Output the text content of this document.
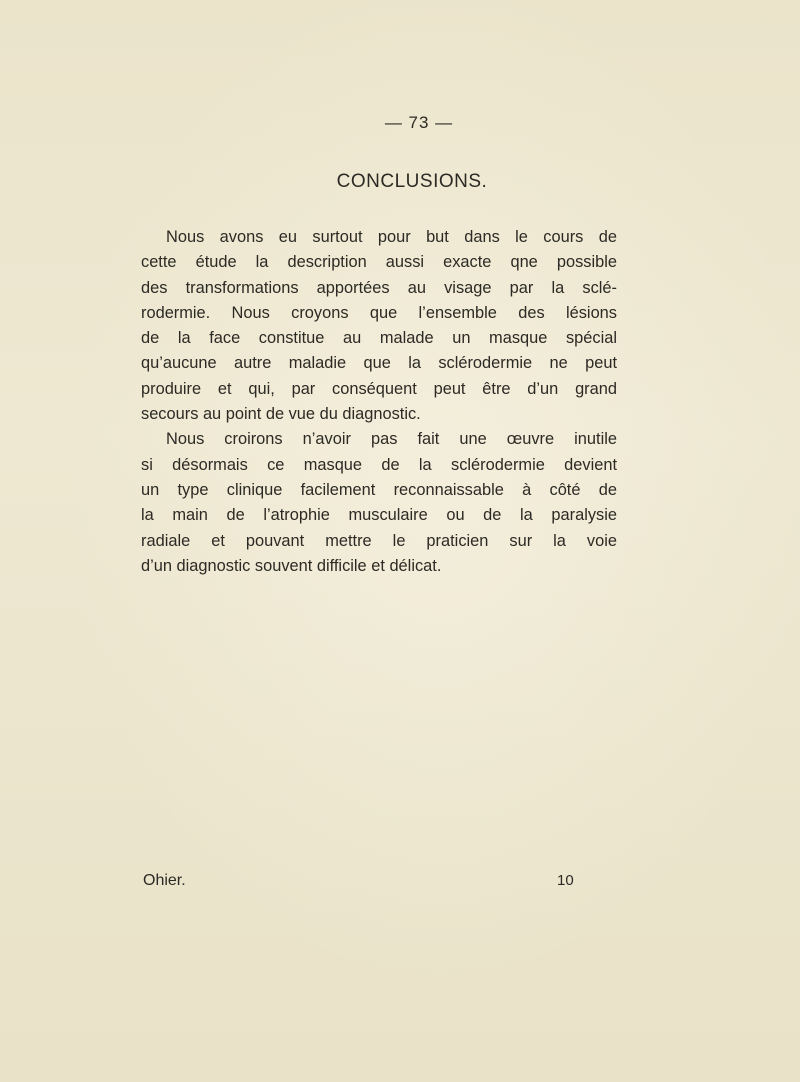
— 73 —
CONCLUSIONS.
Nous avons eu surtout pour but dans le cours de
cette étude la description aussi exacte qne possible
des transformations apportées au visage par la sclé-
rodermie. Nous croyons que l’ensemble des lésions
de la face constitue au malade un masque spécial
qu’aucune autre maladie que la sclérodermie ne peut
produire et qui, par conséquent peut être d’un grand
secours au point de vue du diagnostic.
Nous croirons n’avoir pas fait une œuvre inutile
si désormais ce masque de la sclérodermie devient
un type clinique facilement reconnaissable à côté de
la main de l’atrophie musculaire ou de la paralysie
radiale et pouvant mettre le praticien sur la voie
d’un diagnostic souvent difficile et délicat.
Ohier.	10
